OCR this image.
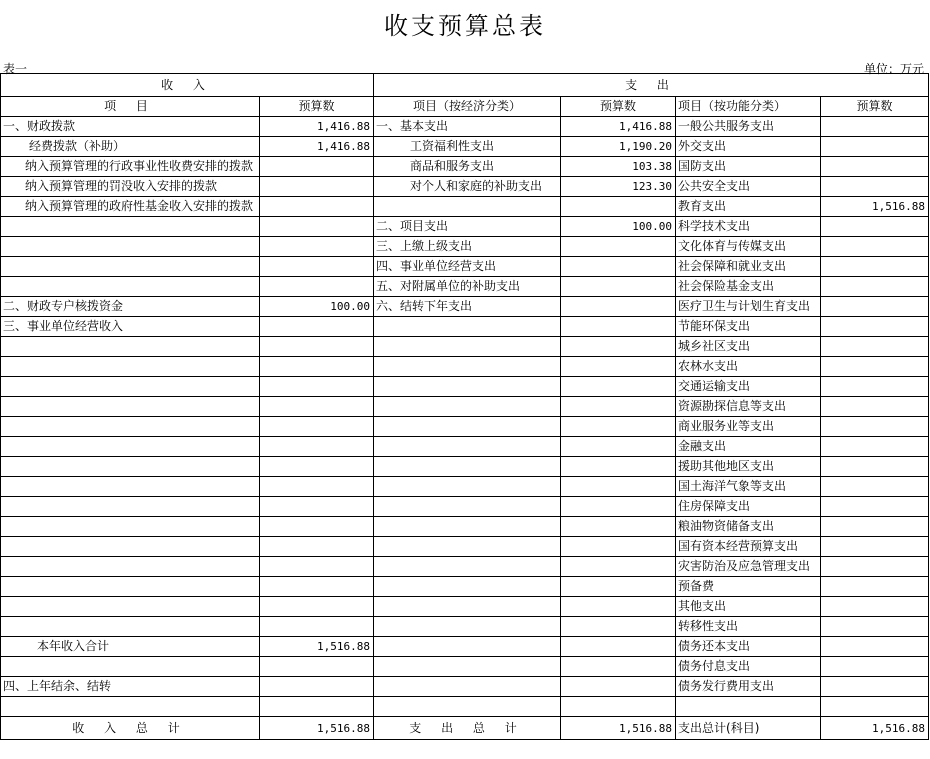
收支预算总表
表一	单位：万元
收 入		支 出			
项 目	预算数	项目（按经济分类）	预算数	项目（按功能分类）	预算数
一、财政拨款	1,416.88	一、基本支出	1,416.88	一般公共服务支出	
经费拨款（补助）	1,416.88	工资福利性支出	1,190.20	外交支出	
纳入预算管理的行政事业性收费安排的拨款		商品和服务支出	103.38	国防支出	
纳入预算管理的罚没收入安排的拨款		对个人和家庭的补助支出	123.30	公共安全支出	
纳入预算管理的政府性基金收入安排的拨款				教育支出	1,516.88
		二、项目支出	100.00	科学技术支出	
		三、上缴上级支出		文化体育与传媒支出	
		四、事业单位经营支出		社会保障和就业支出	
		五、对附属单位的补助支出		社会保险基金支出	
二、财政专户核拨资金	100.00	六、结转下年支出		医疗卫生与计划生育支出	
三、事业单位经营收入				节能环保支出	
				城乡社区支出	
				农林水支出	
				交通运输支出	
				资源勘探信息等支出	
				商业服务业等支出	
				金融支出	
				援助其他地区支出	
				国土海洋气象等支出	
				住房保障支出	
				粮油物资储备支出	
				国有资本经营预算支出	
				灾害防治及应急管理支出	
				预备费	
				其他支出	
				转移性支出	
本年收入合计	1,516.88			债务还本支出	
				债务付息支出	
四、上年结余、结转				债务发行费用支出	

收 入 总 计	1,516.88	支 出 总 计	1,516.88	支出总计(科目)	1,516.88
